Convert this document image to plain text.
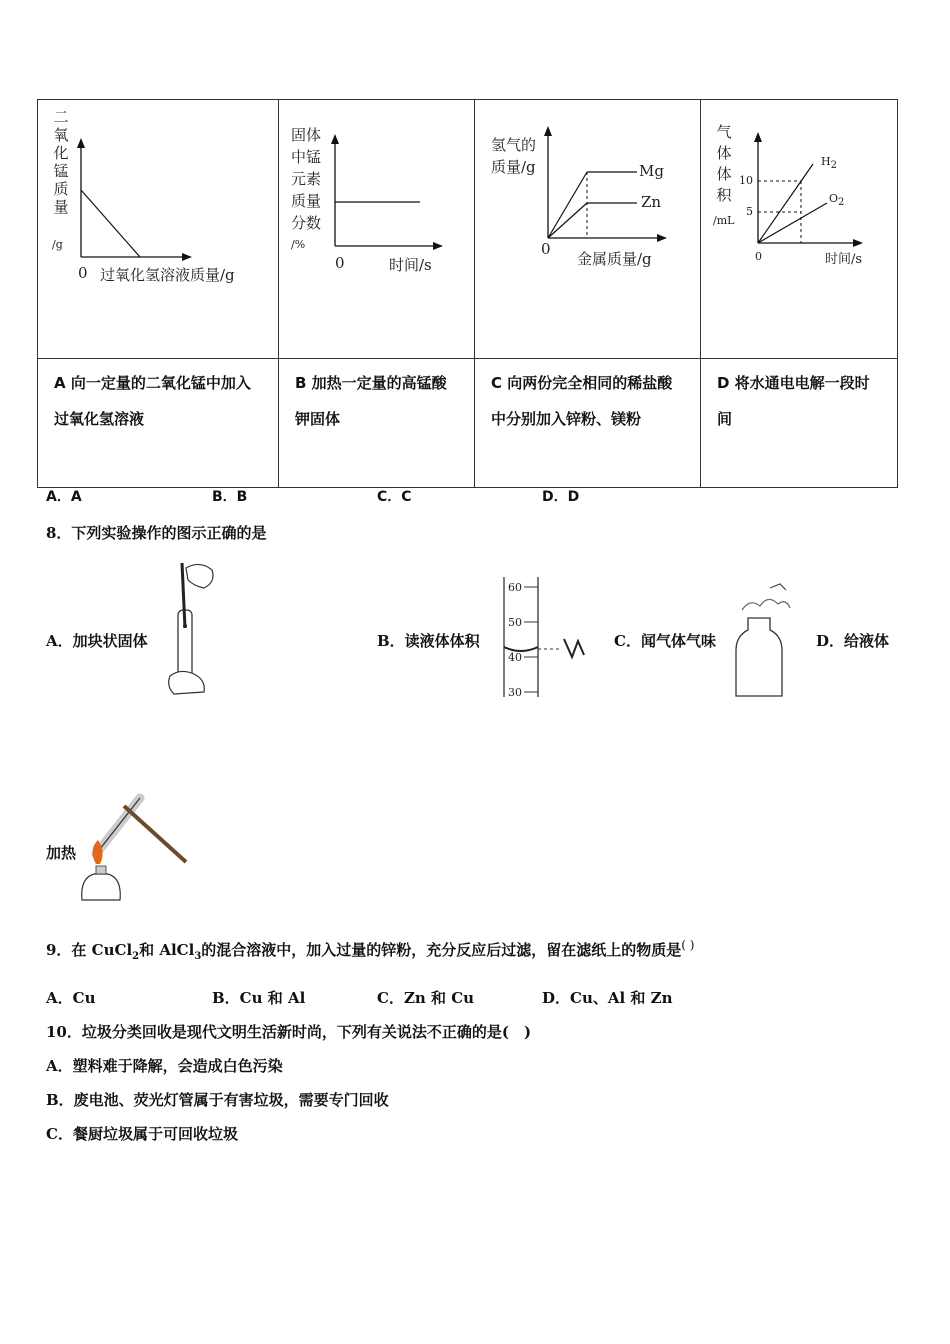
二
氧
化
锰
质
量
/g
0 过氧化氢溶液质量/g

固体
中锰
元素
质量
分数
/%
0	时间/s

氢气的
质量/g	Mg
Zn
0
金属质量/g

气
体
体
积
/mL
10
5
$H_2$
$O_2$
0	时间/s

A 向一定量的二氧化锰中加入
过氧化氢溶液

B 加热一定量的高锰酸
钾固体

C 向两份完全相同的稀盐酸
中分别加入锌粉、镁粉

D 将水通电电解一段时
间
A．A	B．B	C．C	D．D
8．下列实验操作的图示正确的是
A．加块状固体	B．读液体体积
60
50
40
30
C．闻气体气味	D．给液体
加热
9．在 CuCl$_2$和 AlCl$_3$的混合溶液中，加入过量的锌粉，充分反应后过滤，留在滤纸上的物质是( )
A．Cu	B．Cu 和 Al	C．Zn 和 Cu	D．Cu、Al 和 Zn
10．垃圾分类回收是现代文明生活新时尚，下列有关说法不正确的是(　)
A．塑料难于降解，会造成白色污染
B．废电池、荧光灯管属于有害垃圾，需要专门回收
C．餐厨垃圾属于可回收垃圾
